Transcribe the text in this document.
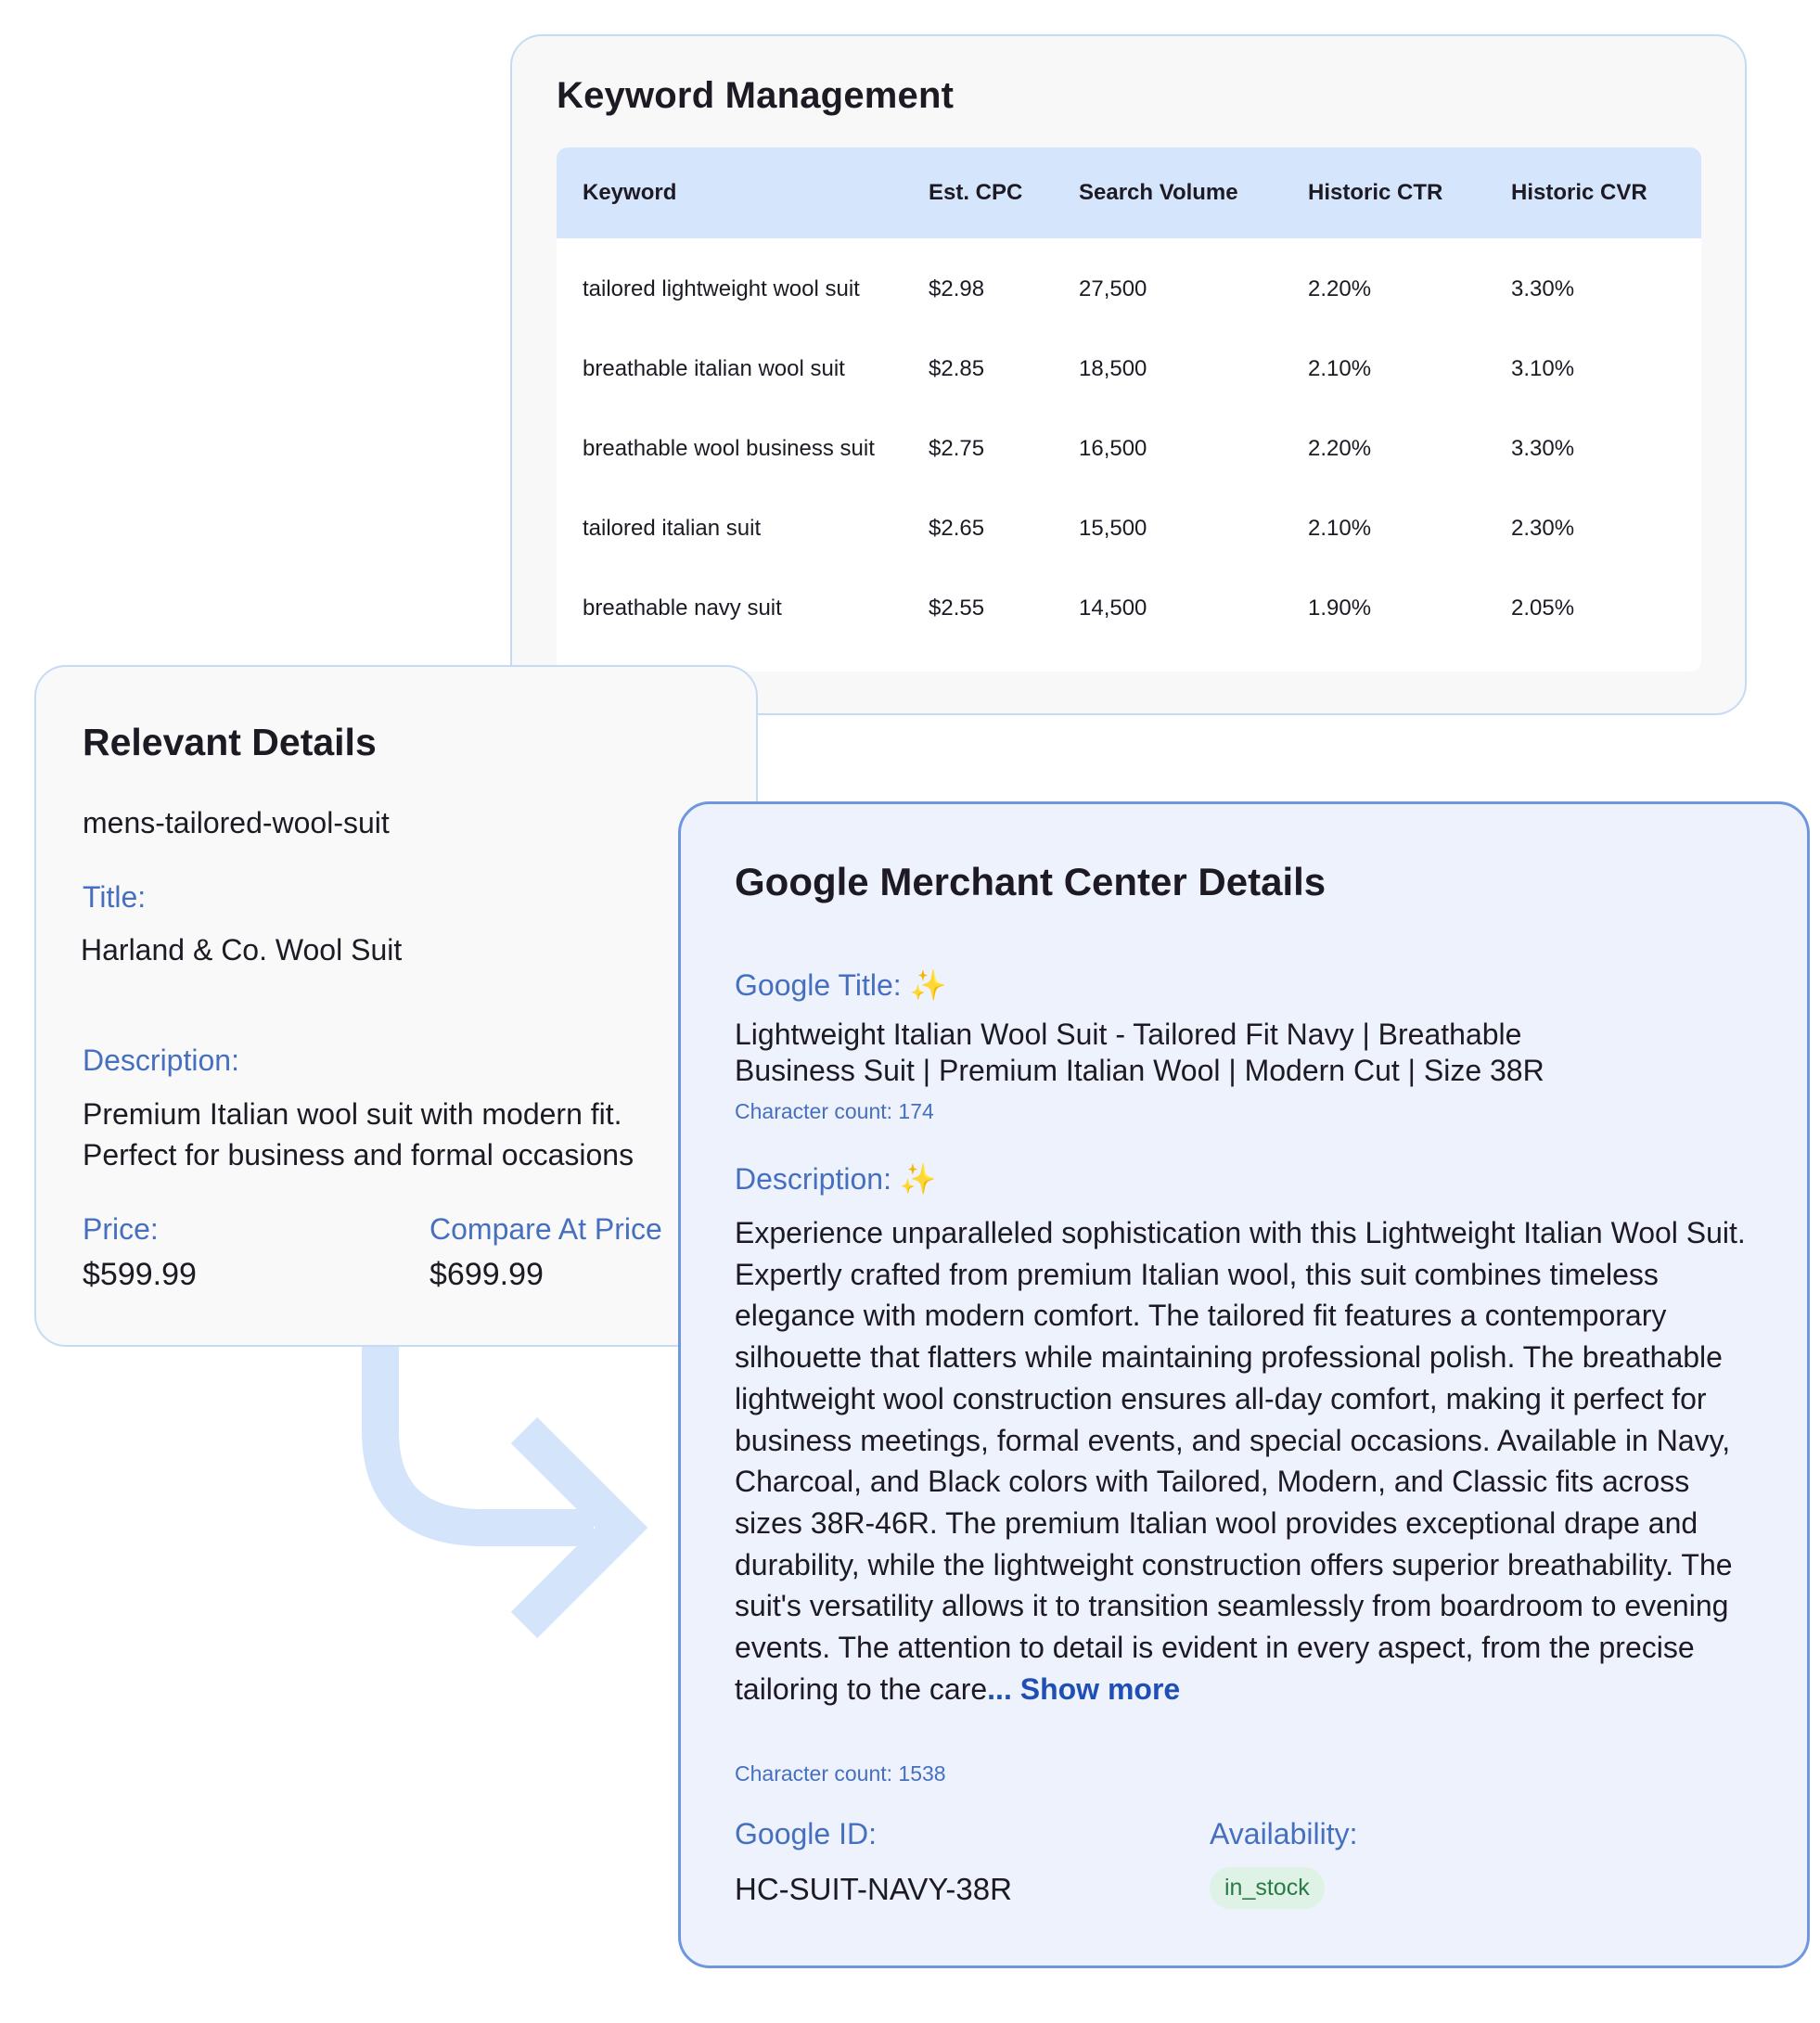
Keyword Management
Keyword	Est. CPC	Search Volume	Historic CTR	Historic CVR
tailored lightweight wool suit	$2.98	27,500	2.20%	3.30%
breathable italian wool suit	$2.85	18,500	2.10%	3.10%
breathable wool business suit $2.75	16,500	2.20%	3.30%
tailored italian suit	$2.65	15,500	2.10%	2.30%
breathable navy suit	$2.55	14,500	1.90%	2.05%
Relevant Details
mens-tailored-wool-suit
Title:
Harland & Co. Wool Suit
Description:
Premium Italian wool suit with modern fit.
Perfect for business and formal occasions
Price:
$599.99
Compare At Price
$699.99
Google Merchant Center Details
Google Title: ✨
Lightweight Italian Wool Suit - Tailored Fit Navy | Breathable
Business Suit | Premium Italian Wool | Modern Cut | Size 38R
Character count: 174
Description: ✨
Experience unparalleled sophistication with this Lightweight Italian Wool Suit. Expertly crafted from premium Italian wool, this suit combines timeless elegance with modern comfort. The tailored fit features a contemporary silhouette that flatters while maintaining professional polish. The breathable lightweight wool construction ensures all-day comfort, making it perfect for business meetings, formal events, and special occasions. Available in Navy, Charcoal, and Black colors with Tailored, Modern, and Classic fits across sizes 38R-46R. The premium Italian wool provides exceptional drape and durability, while the lightweight construction offers superior breathability. The suit's versatility allows it to transition seamlessly from boardroom to evening events. The attention to detail is evident in every aspect, from the precise tailoring to the care... Show more
Character count: 1538
Google ID:
HC-SUIT-NAVY-38R
Availability:
in_stock
